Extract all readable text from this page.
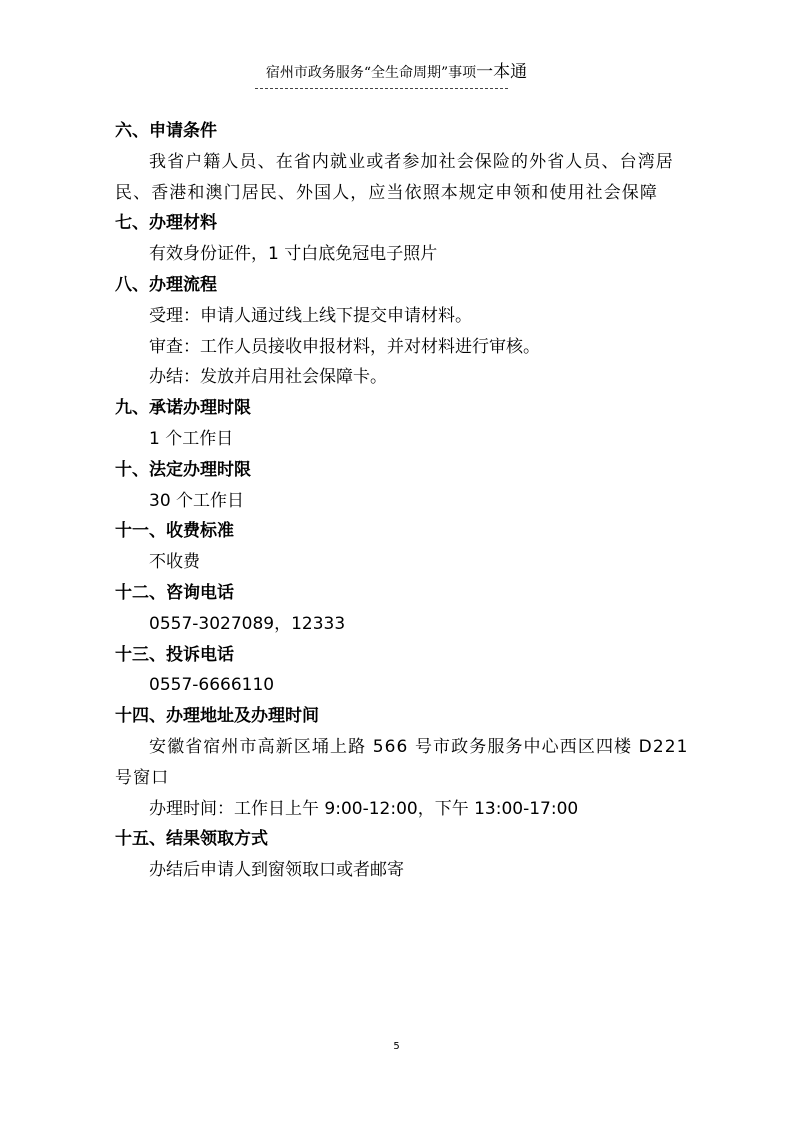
宿州市政务服务“全生命周期”事项一本通
六、申请条件
我省户籍人员、在省内就业或者参加社会保险的外省人员、台湾居民、香港和澳门居民、外国人，应当依照本规定申领和使用社会保障
七、办理材料
有效身份证件，1 寸白底免冠电子照片
八、办理流程
受理：申请人通过线上线下提交申请材料。
审查：工作人员接收申报材料，并对材料进行审核。
办结：发放并启用社会保障卡。
九、承诺办理时限
1 个工作日
十、法定办理时限
30 个工作日
十一、收费标准
不收费
十二、咨询电话
0557-3027089，12333
十三、投诉电话
0557-6666110
十四、办理地址及办理时间
安徽省宿州市高新区埇上路 566 号市政务服务中心西区四楼 D221 号窗口
办理时间：工作日上午 9:00-12:00，下午 13:00-17:00
十五、结果领取方式
办结后申请人到窗领取口或者邮寄
5
